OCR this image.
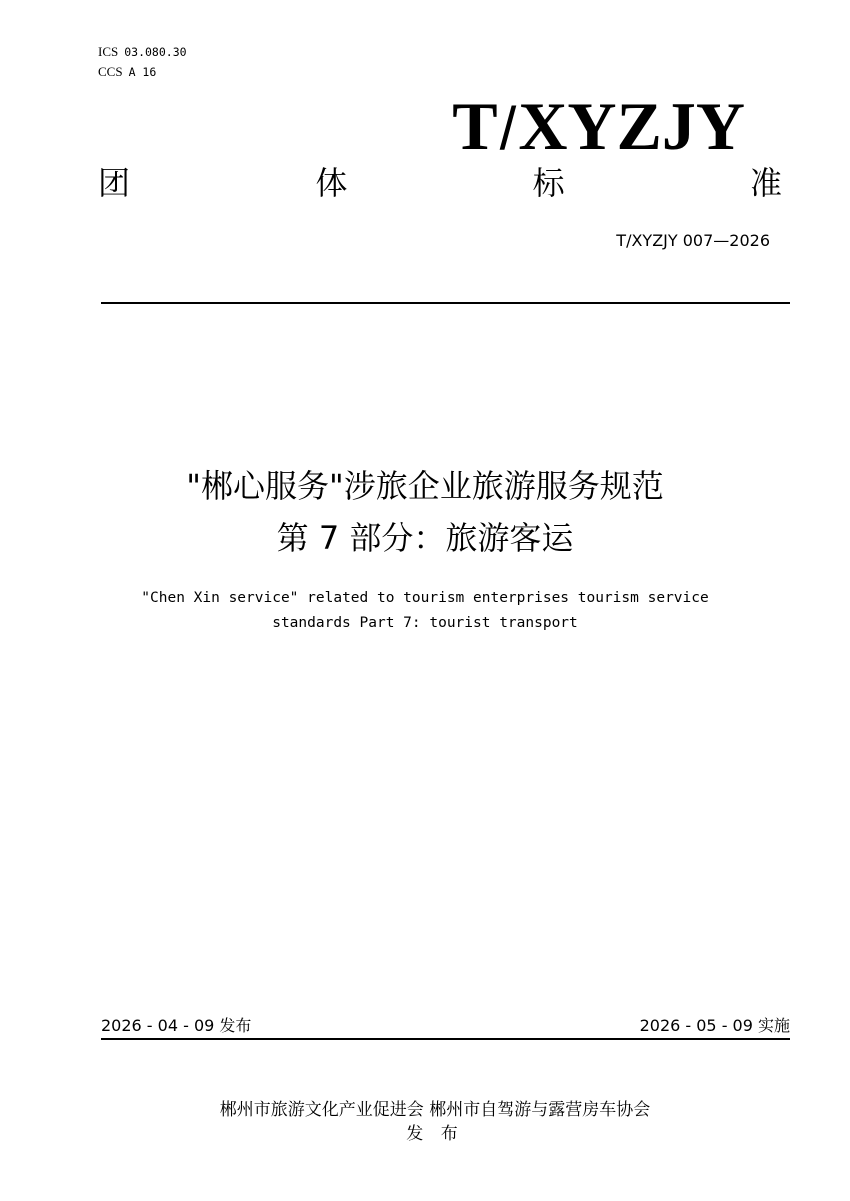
ICS 03.080.30
CCS A 16
T/XYZJY
团	体	标	准
T/XYZJY 007—2026
"郴心服务"涉旅企业旅游服务规范
第 7 部分：旅游客运
"Chen Xin service" related to tourism enterprises tourism service
standards Part 7: tourist transport
2026 - 04 - 09 发布	2026 - 05 - 09 实施
郴州市旅游文化产业促进会 郴州市自驾游与露营房车协会
发 布
